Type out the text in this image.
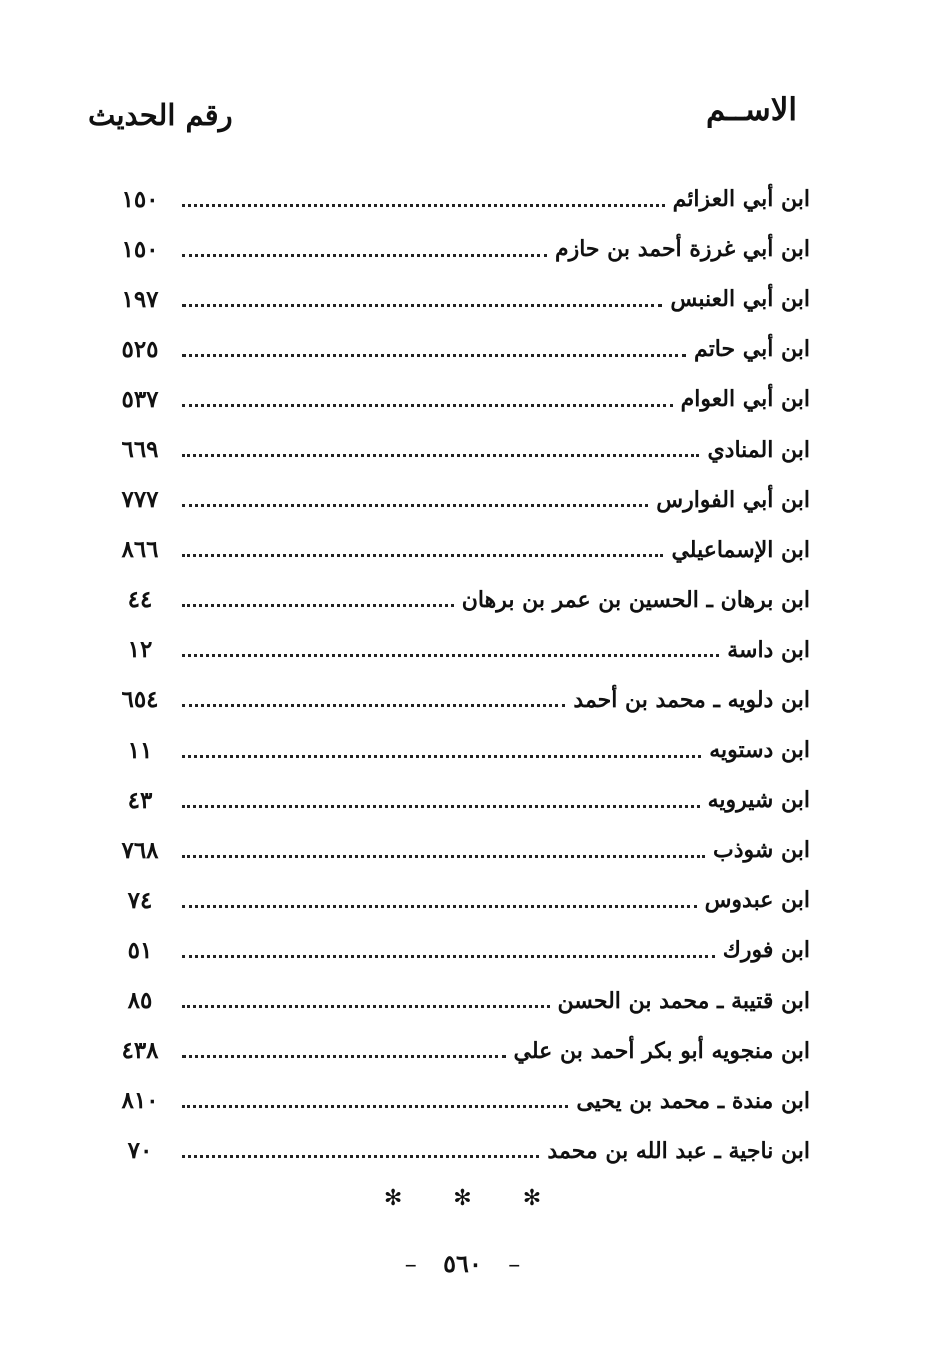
الاســم
رقم الحديث
١٥٠	ابن أبي العزائم
١٥٠	ابن أبي غرزة أحمد بن حازم
١٩٧	ابن أبي العنبس
٥٢٥	ابن أبي حاتم
٥٣٧	ابن أبي العوام
٦٦٩	ابن المنادي
٧٧٧	ابن أبي الفوارس
٨٦٦	ابن الإسماعيلي
٤٤	ابن برهان ـ الحسين بن عمر بن برهان
١٢	ابن داسة
٦٥٤	ابن دلويه ـ محمد بن أحمد
١١	ابن دستويه
٤٣	ابن شيرويه
٧٦٨	ابن شوذب
٧٤	ابن عبدوس
٥١	ابن فورك
٨٥	ابن قتيبة ـ محمد بن الحسن
٤٣٨	ابن منجويه أبو بكر أحمد بن علي
٨١٠	ابن مندة ـ محمد بن يحيى
٧٠	ابن ناجية ـ عبد الله بن محمد
✻ ✻ ✻
– ٥٦٠ –
